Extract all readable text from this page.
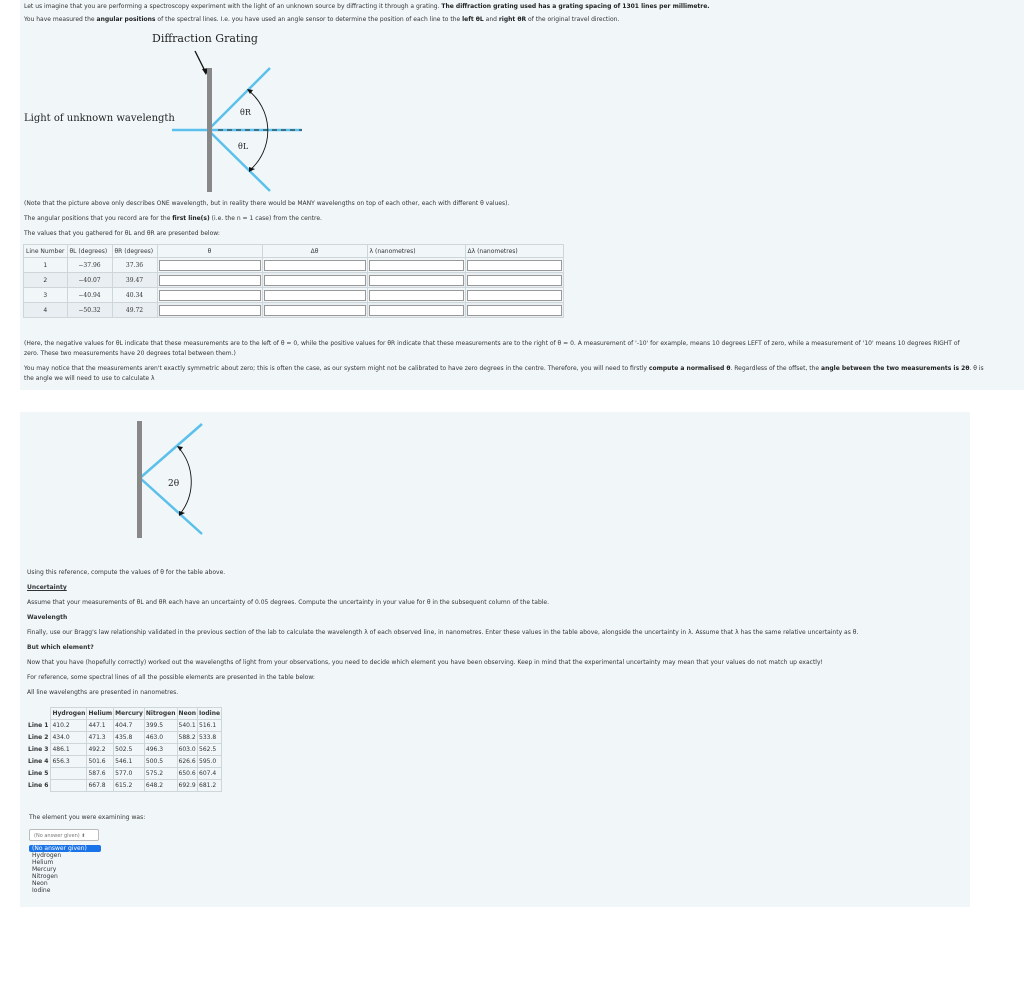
Let us imagine that you are performing a spectroscopy experiment with the light of an unknown source by diffracting it through a grating. The diffraction grating used has a grating spacing of 1301 lines per millimetre.
You have measured the angular positions of the spectral lines. I.e. you have used an angle sensor to determine the position of each line to the left θL and right θR of the original travel direction.
Diffraction Grating
Light of unknown wavelength
θR
θL
(Note that the picture above only describes ONE wavelength, but in reality there would be MANY wavelengths on top of each other, each with different θ values).
The angular positions that you record are for the first line(s) (i.e. the n = 1 case) from the centre.
The values that you gathered for θL and θR are presented below:
Line Number	θL (degrees)	θR (degrees)	θ	Δθ	λ (nanometres)	Δλ (nanometres)
1	−37.96	37.36	

2	−40.07	39.47	

3	−40.94	40.34	

4	−50.32	49.72	

(Here, the negative values for θL indicate that these measurements are to the left of θ = 0, while the positive values for θR indicate that these measurements are to the right of θ = 0. A measurement of '-10' for example, means 10 degrees LEFT of zero, while a measurement of '10' means 10 degrees RIGHT of
zero. These two measurements have 20 degrees total between them.)
You may notice that the measurements aren't exactly symmetric about zero; this is often the case, as our system might not be calibrated to have zero degrees in the centre. Therefore, you will need to firstly compute a normalised θ. Regardless of the offset, the angle between the two measurements is 2θ. θ is
the angle we will need to use to calculate λ
2θ
Using this reference, compute the values of θ for the table above.
Uncertainty
Assume that your measurements of θL and θR each have an uncertainty of 0.05 degrees. Compute the uncertainty in your value for θ in the subsequent column of the table.
Wavelength
Finally, use our Bragg's law relationship validated in the previous section of the lab to calculate the wavelength λ of each observed line, in nanometres. Enter these values in the table above, alongside the uncertainty in λ. Assume that λ has the same relative uncertainty as θ.
But which element?
Now that you have (hopefully correctly) worked out the wavelengths of light from your observations, you need to decide which element you have been observing. Keep in mind that the experimental uncertainty may mean that your values do not match up exactly!
For reference, some spectral lines of all the possible elements are presented in the table below:
All line wavelengths are presented in nanometres.
	Hydrogen	Helium	Mercury	Nitrogen	Neon	Iodine
Line 1	410.2	447.1	404.7	399.5	540.1	516.1
Line 2	434.0	471.3	435.8	463.0	588.2	533.8
Line 3	486.1	492.2	502.5	496.3	603.0	562.5
Line 4	656.3	501.6	546.1	500.5	626.6	595.0
Line 5		587.6	577.0	575.2	650.6	607.4
Line 6		667.8	615.2	648.2	692.9	681.2
The element you were examining was:
(No answer given) ⬍
(No answer given)
Hydrogen
Helium
Mercury
Nitrogen
Neon
Iodine
